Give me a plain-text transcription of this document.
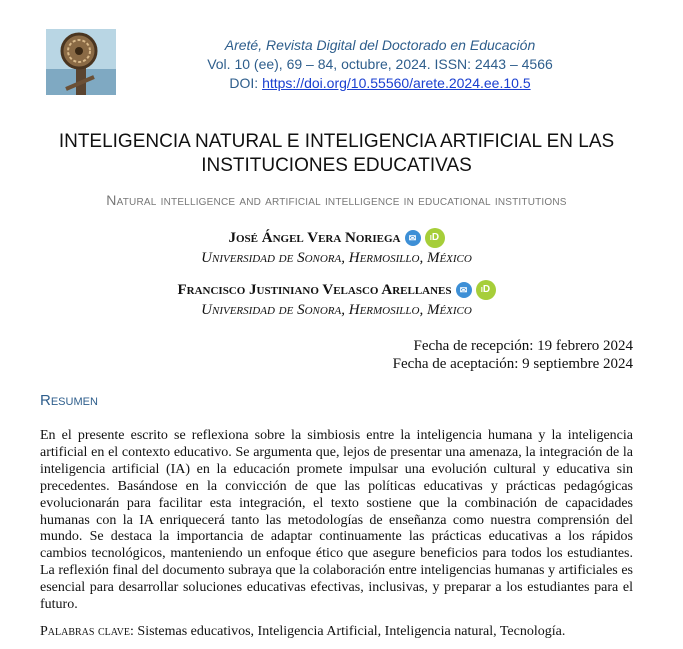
Areté, Revista Digital del Doctorado en Educación
Vol. 10 (ee), 69 – 84, octubre, 2024. ISSN: 2443 – 4566
DOI: https://doi.org/10.55560/arete.2024.ee.10.5
INTELIGENCIA NATURAL E INTELIGENCIA ARTIFICIAL EN LAS
INSTITUCIONES EDUCATIVAS
Natural intelligence and artificial intelligence in educational institutions
José Ángel Vera Noriega ✉	iD
Universidad de Sonora, Hermosillo, México
Francisco Justiniano Velasco Arellanes ✉	iD
Universidad de Sonora, Hermosillo, México
Fecha de recepción: 19 febrero 2024
Fecha de aceptación: 9 septiembre 2024
Resumen

En el presente escrito se reflexiona sobre la simbiosis entre la inteligencia humana y la inteligencia artificial en el contexto educativo. Se argumenta que, lejos de presentar una amenaza, la integración de la inteligencia artificial (IA) en la educación promete impulsar una evolución cultural y educativa sin precedentes. Basándose en la convicción de que las políticas educativas y prácticas pedagógicas evolucionarán para facilitar esta integración, el texto sostiene que la combinación de capacidades humanas con la IA enriquecerá tanto las metodologías de enseñanza como nuestra comprensión del mundo. Se destaca la importancia de adaptar continuamente las prácticas educativas a los rápidos cambios tecnológicos, manteniendo un enfoque ético que asegure beneficios para todos los estudiantes. La reflexión final del documento subraya que la colaboración entre inteligencias humanas y artificiales es esencial para desarrollar soluciones educativas efectivas, inclusivas, y preparar a los estudiantes para el futuro.

Palabras clave: Sistemas educativos, Inteligencia Artificial, Inteligencia natural, Tecnología.
